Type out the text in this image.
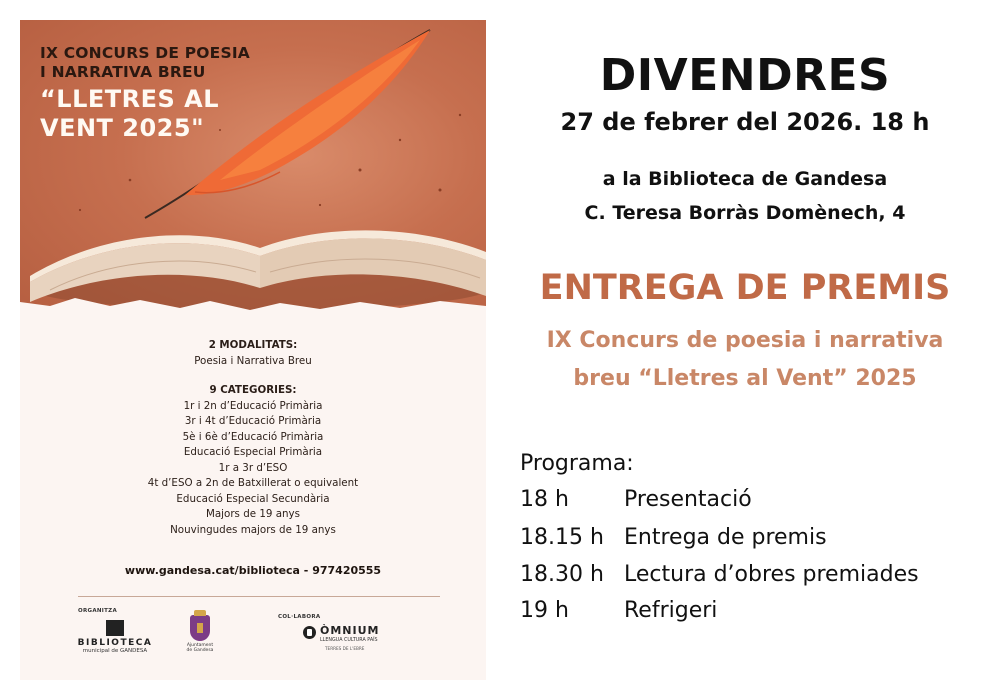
IX CONCURS DE POESIA
I NARRATIVA BREU
“LLETRES AL
VENT 2025"
2 MODALITATS:
Poesia i Narrativa Breu
9 CATEGORIES:
1r i 2n d’Educació Primària
3r i 4t d’Educació Primària
5è i 6è d’Educació Primària
Educació Especial Primària
1r a 3r d’ESO
4t d’ESO a 2n de Batxillerat o equivalent
Educació Especial Secundària
Majors de 19 anys
Nouvingudes majors de 19 anys
www.gandesa.cat/biblioteca - 977420555
ORGANITZA
COL·LABORA
BIBLIOTECA
municipal de GANDESA
Ajuntament
de Gandesa
ÒMNIUM
LLENGUA CULTURA PAÍS
TERRES DE L'EBRE
DIVENDRES
27 de febrer del 2026. 18 h
a la Biblioteca de Gandesa
C. Teresa Borràs Domènech, 4
ENTREGA DE PREMIS
IX Concurs de poesia i narrativa
breu “Lletres al Vent” 2025
Programa:
18 h	Presentació
18.15 h Entrega de premis
18.30 h Lectura d’obres premiades
19 h	Refrigeri
